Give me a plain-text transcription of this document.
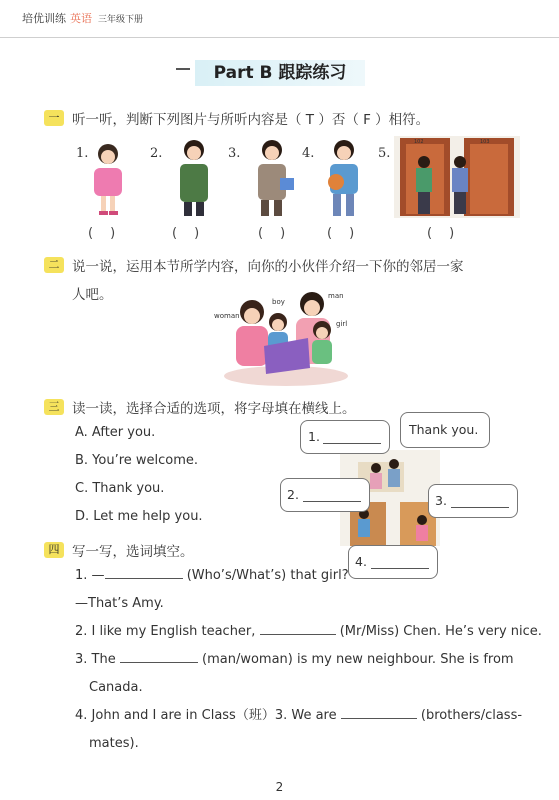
培优训练 英语 三年级下册
Part B 跟踪练习
一 听一听，判断下列图片与所听内容是（ T ）否（ F ）相符。
1.	2.	3.	4.	5.
102	103
(　)	(　)	(　)	(　)	(　)
二 说一说，运用本节所学内容，向你的小伙伴介绍一下你的邻居一家
人吧。
woman
boy
man
girl
三 读一读，选择合适的选项，将字母填在横线上。
A. After you.
B. You’re welcome.
C. Thank you.
D. Let me help you.
1.	Thank you.
2.	3.
4.
四 写一写，选词填空。
1. —	(Who’s/What’s) that girl?
—That’s Amy.
2. I like my English teacher,	(Mr/Miss) Chen. He’s very nice.
3. The	(man/woman) is my new neighbour. She is from
Canada.
4. John and I are in Class（班）3. We are	(brothers/class-
mates).
2
